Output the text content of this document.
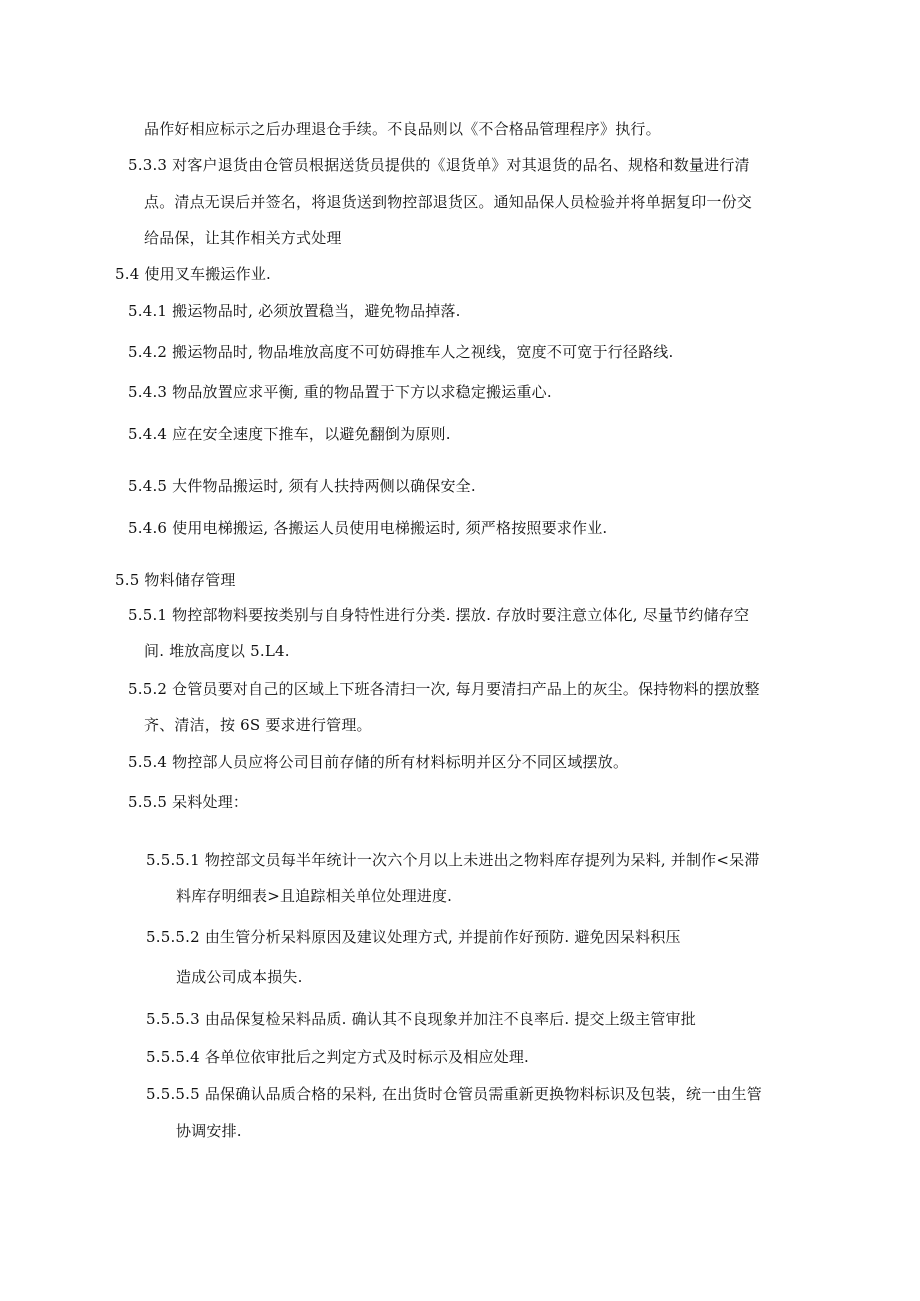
品作好相应标示之后办理退仓手续。不良品则以《不合格品管理程序》执行。
5.3.3 对客户退货由仓管员根据送货员提供的《退货单》对其退货的品名、规格和数量进行清
点。清点无误后并签名，将退货送到物控部退货区。通知品保人员检验并将单据复印一份交
给品保，让其作相关方式处理
5.4 使用叉车搬运作业.
5.4.1 搬运物品时, 必须放置稳当，避免物品掉落.
5.4.2 搬运物品时, 物品堆放高度不可妨碍推车人之视线，宽度不可宽于行径路线.
5.4.3 物品放置应求平衡, 重的物品置于下方以求稳定搬运重心.
5.4.4 应在安全速度下推车，以避免翻倒为原则.
5.4.5 大件物品搬运时, 须有人扶持两侧以确保安全.
5.4.6 使用电梯搬运, 各搬运人员使用电梯搬运时, 须严格按照要求作业.
5.5 物料储存管理
5.5.1 物控部物料要按类别与自身特性进行分类. 摆放. 存放时要注意立体化, 尽量节约储存空
间. 堆放高度以 5.L4.
5.5.2 仓管员要对自己的区域上下班各清扫一次, 每月要清扫产品上的灰尘。保持物料的摆放整
齐、清洁，按 6S 要求进行管理。
5.5.4 物控部人员应将公司目前存储的所有材料标明并区分不同区域摆放。
5.5.5 呆料处理：
5.5.5.1 物控部文员每半年统计一次六个月以上未进出之物料库存提列为呆料, 并制作<呆滞
料库存明细表>且追踪相关单位处理进度.
5.5.5.2 由生管分析呆料原因及建议处理方式, 并提前作好预防. 避免因呆料积压
造成公司成本损失.
5.5.5.3 由品保复检呆料品质. 确认其不良现象并加注不良率后. 提交上级主管审批
5.5.5.4 各单位依审批后之判定方式及时标示及相应处理.
5.5.5.5 品保确认品质合格的呆料, 在出货时仓管员需重新更换物料标识及包装，统一由生管
协调安排.
